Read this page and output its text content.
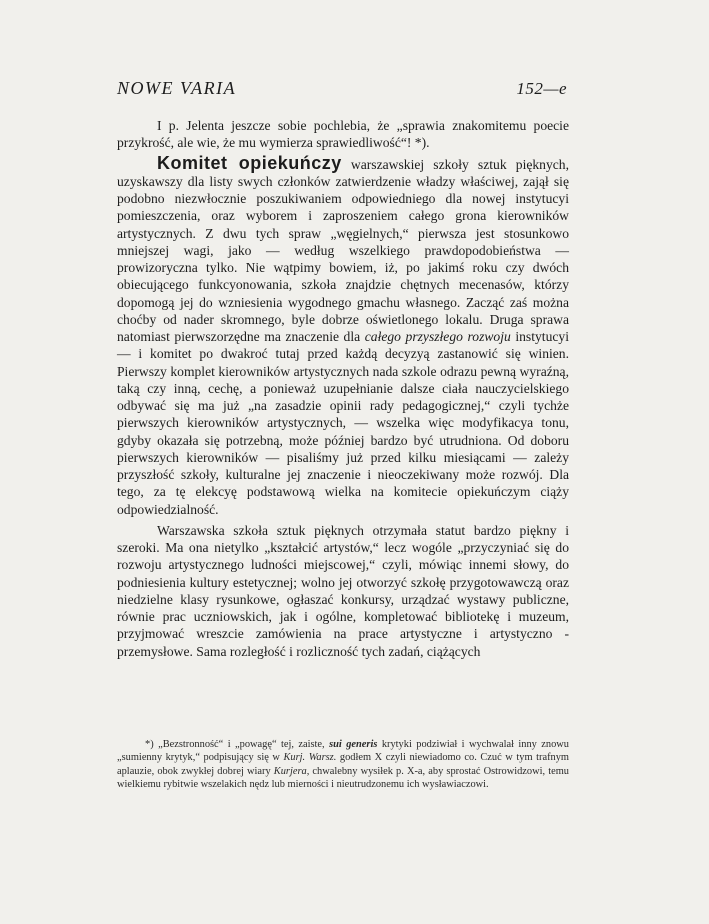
NOWE VARIA	152—e

I p. Jelenta jeszcze sobie pochlebia, że „sprawia znakomitemu poecie przykrość, ale wie, że mu wymierza sprawiedliwość“! *).

Komitet opiekuńczy warszawskiej szkoły sztuk pięknych, uzyskawszy dla listy swych członków zatwierdzenie władzy właściwej, zajął się podobno niezwłocznie poszukiwaniem odpowiedniego dla nowej instytucyi pomieszczenia, oraz wyborem i zaproszeniem całego grona kierowników artystycznych. Z dwu tych spraw „węgielnych,“ pierwsza jest stosunkowo mniejszej wagi, jako — według wszelkiego prawdopodobieństwa — prowizoryczna tylko. Nie wątpimy bowiem, iż, po jakimś roku czy dwóch obiecującego funkcyonowania, szkoła znajdzie chętnych mecenasów, którzy dopomogą jej do wzniesienia wygodnego gmachu własnego. Zacząć zaś można choćby od nader skromnego, byle dobrze oświetlonego lokalu. Druga sprawa natomiast pierwszorzędne ma znaczenie dla całego przyszłego rozwoju instytucyi — i komitet po dwakroć tutaj przed każdą decyzyą zastanowić się winien. Pierwszy komplet kierowników artystycznych nada szkole odrazu pewną wyraźną, taką czy inną, cechę, a ponieważ uzupełnianie dalsze ciała nauczycielskiego odbywać się ma już „na zasadzie opinii rady pedagogicznej,“ czyli tychże pierwszych kierowników artystycznych, — wszelka więc modyfikacya tonu, gdyby okazała się potrzebną, może później bardzo być utrudniona. Od doboru pierwszych kierowników — pisaliśmy już przed kilku miesiącami — zależy przyszłość szkoły, kulturalne jej znaczenie i nieoczekiwany może rozwój. Dla tego, za tę elekcyę podstawową wielka na komitecie opiekuńczym ciąży odpowiedzialność.

Warszawska szkoła sztuk pięknych otrzymała statut bardzo piękny i szeroki. Ma ona nietylko „kształcić artystów,“ lecz wogóle „przyczyniać się do rozwoju artystycznego ludności miejscowej,“ czyli, mówiąc innemi słowy, do podniesienia kultury estetycznej; wolno jej otworzyć szkołę przygotowawczą oraz niedzielne klasy rysunkowe, ogłaszać konkursy, urządzać wystawy publiczne, równie prac uczniowskich, jak i ogólne, kompletować bibliotekę i muzeum, przyjmować wreszcie zamówienia na prace artystyczne i artystyczno - przemysłowe. Sama rozległość i rozliczność tych zadań, ciążących

*) „Bezstronność“ i „powagę“ tej, zaiste, sui generis krytyki podziwiał i wychwalał inny znowu „sumienny krytyk,“ podpisujący się w Kurj. Warsz. godłem X czyli niewiadomo co. Czuć w tym trafnym aplauzie, obok zwykłej dobrej wiary Kurjera, chwalebny wysiłek p. X-a, aby sprostać Ostrowidzowi, temu wielkiemu rybitwie wszelakich nędz lub mierności i nieutrudzonemu ich wysławiaczowi.
